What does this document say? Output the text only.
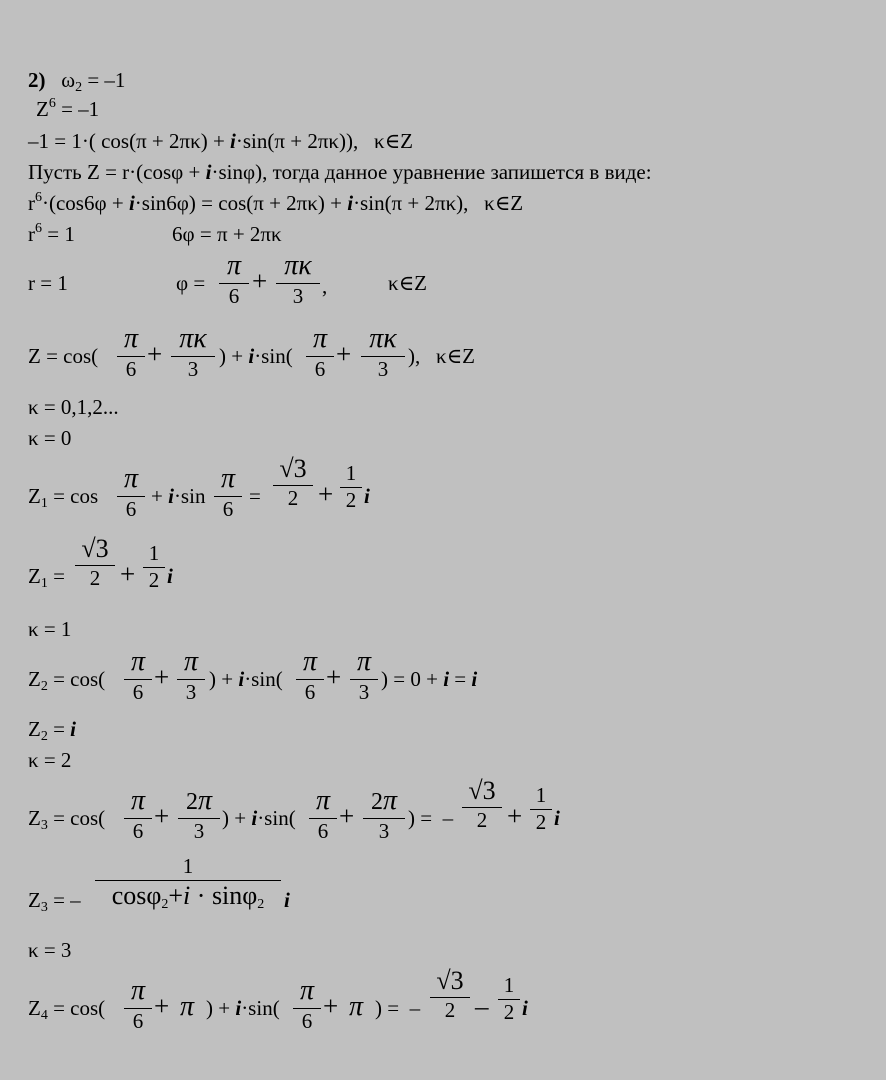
2)   $\omega_2 = -1$
$Z^6 = -1$
–1 = 1·( cos(π + 2πκ) + i·sin(π + 2πκ)),   κ∈Z
Пусть Z = r·(cosφ + i·sinφ), тогда данное уравнение запишется в виде:
$r^6\cdot(\cos 6\varphi + i\cdot\sin 6\varphi) = \cos(\pi + 2\pi\kappa) + i\cdot\sin(\pi + 2\pi\kappa)$,   κ∈Z
$r^6 = 1$	6φ = π + 2πκ
r = 1	φ =
π
6 + πκ
3 ,	κ∈Z
Z = cos(
π
6 + πκ
3
) + i·sin(
π
6 + πκ
3
),   κ∈Z
κ = 0,1,2...
κ = 0
$Z_1 = \cos$
π
6
+ i·sin
π
6
=
√3
2 +
1
2 i
$Z_1$ =
√3
2 +
1
2 i
κ = 1
$Z_2 = \cos$(
π
6 + π
3
) + i·sin(
π
6 + π
3
) = 0 + i = i
$Z_2 = i$
κ = 2
$Z_3 = \cos$(
π
6 + 2π
3
) + i·sin(
π
6 + 2π
3
) =  –
√3
2 +
1
2 i
$Z_3$ = –
1
cosφ$_2$+i · sinφ$_2$ i
κ = 3
$Z_4 = \cos$(
π
6 + π ) + i·sin(
π
6 + π ) =  –
√3
2 –
1
2 i
